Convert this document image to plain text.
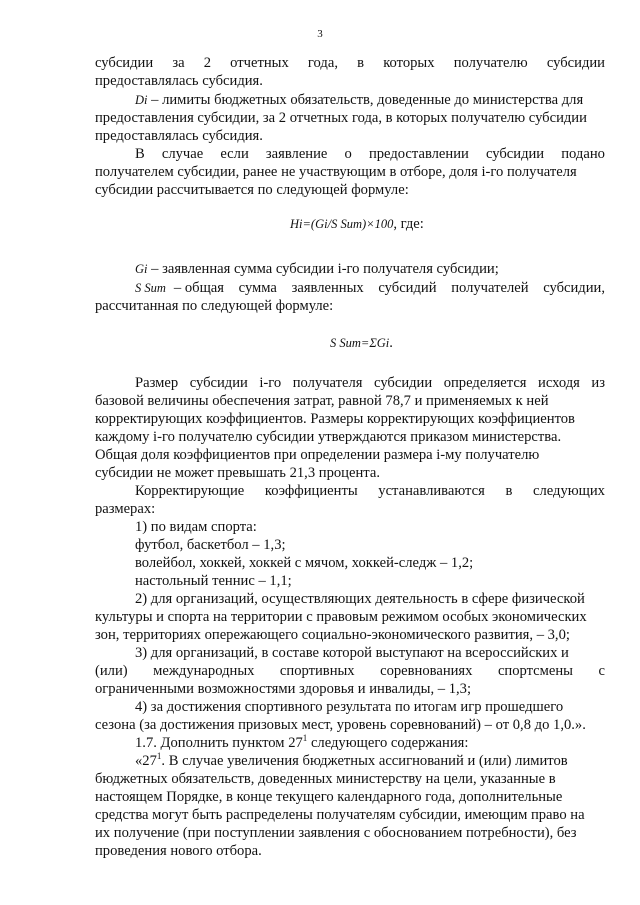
3
субсидии за 2 отчетных года, в которых получателю субсидии
предоставлялась субсидия.
Di – лимиты бюджетных обязательств, доведенные до министерства для
предоставления субсидии, за 2 отчетных года, в которых получателю субсидии
предоставлялась субсидия.
В случае если заявление о предоставлении субсидии подано
получателем субсидии, ранее не участвующим в отборе, доля i-го получателя
субсидии рассчитывается по следующей формуле:
Hi=(Gi/S Sum)×100, где:
Gi – заявленная сумма субсидии i-го получателя субсидии;
S Sum – общая сумма заявленных субсидий получателей субсидии,
рассчитанная по следующей формуле:
S Sum=ΣGi.
Размер субсидии i-го получателя субсидии определяется исходя из
базовой величины обеспечения затрат, равной 78,7 и применяемых к ней
корректирующих коэффициентов. Размеры корректирующих коэффициентов
каждому i-го получателю субсидии утверждаются приказом министерства.
Общая доля коэффициентов при определении размера i-му получателю
субсидии не может превышать 21,3 процента.
Корректирующие коэффициенты устанавливаются в следующих
размерах:
1) по видам спорта:
футбол, баскетбол – 1,3;
волейбол, хоккей, хоккей с мячом, хоккей-следж – 1,2;
настольный теннис – 1,1;
2) для организаций, осуществляющих деятельность в сфере физической
культуры и спорта на территории с правовым режимом особых экономических
зон, территориях опережающего социально-экономического развития, – 3,0;
3) для организаций, в составе которой выступают на всероссийских и
(или) международных спортивных соревнованиях спортсмены с
ограниченными возможностями здоровья и инвалиды, – 1,3;
4) за достижения спортивного результата по итогам игр прошедшего
сезона (за достижения призовых мест, уровень соревнований) – от 0,8 до 1,0.».
1.7. Дополнить пунктом $27^1$ следующего содержания:
«$27^1$. В случае увеличения бюджетных ассигнований и (или) лимитов
бюджетных обязательств, доведенных министерству на цели, указанные в
настоящем Порядке, в конце текущего календарного года, дополнительные
средства могут быть распределены получателям субсидии, имеющим право на
их получение (при поступлении заявления с обоснованием потребности), без
проведения нового отбора.
